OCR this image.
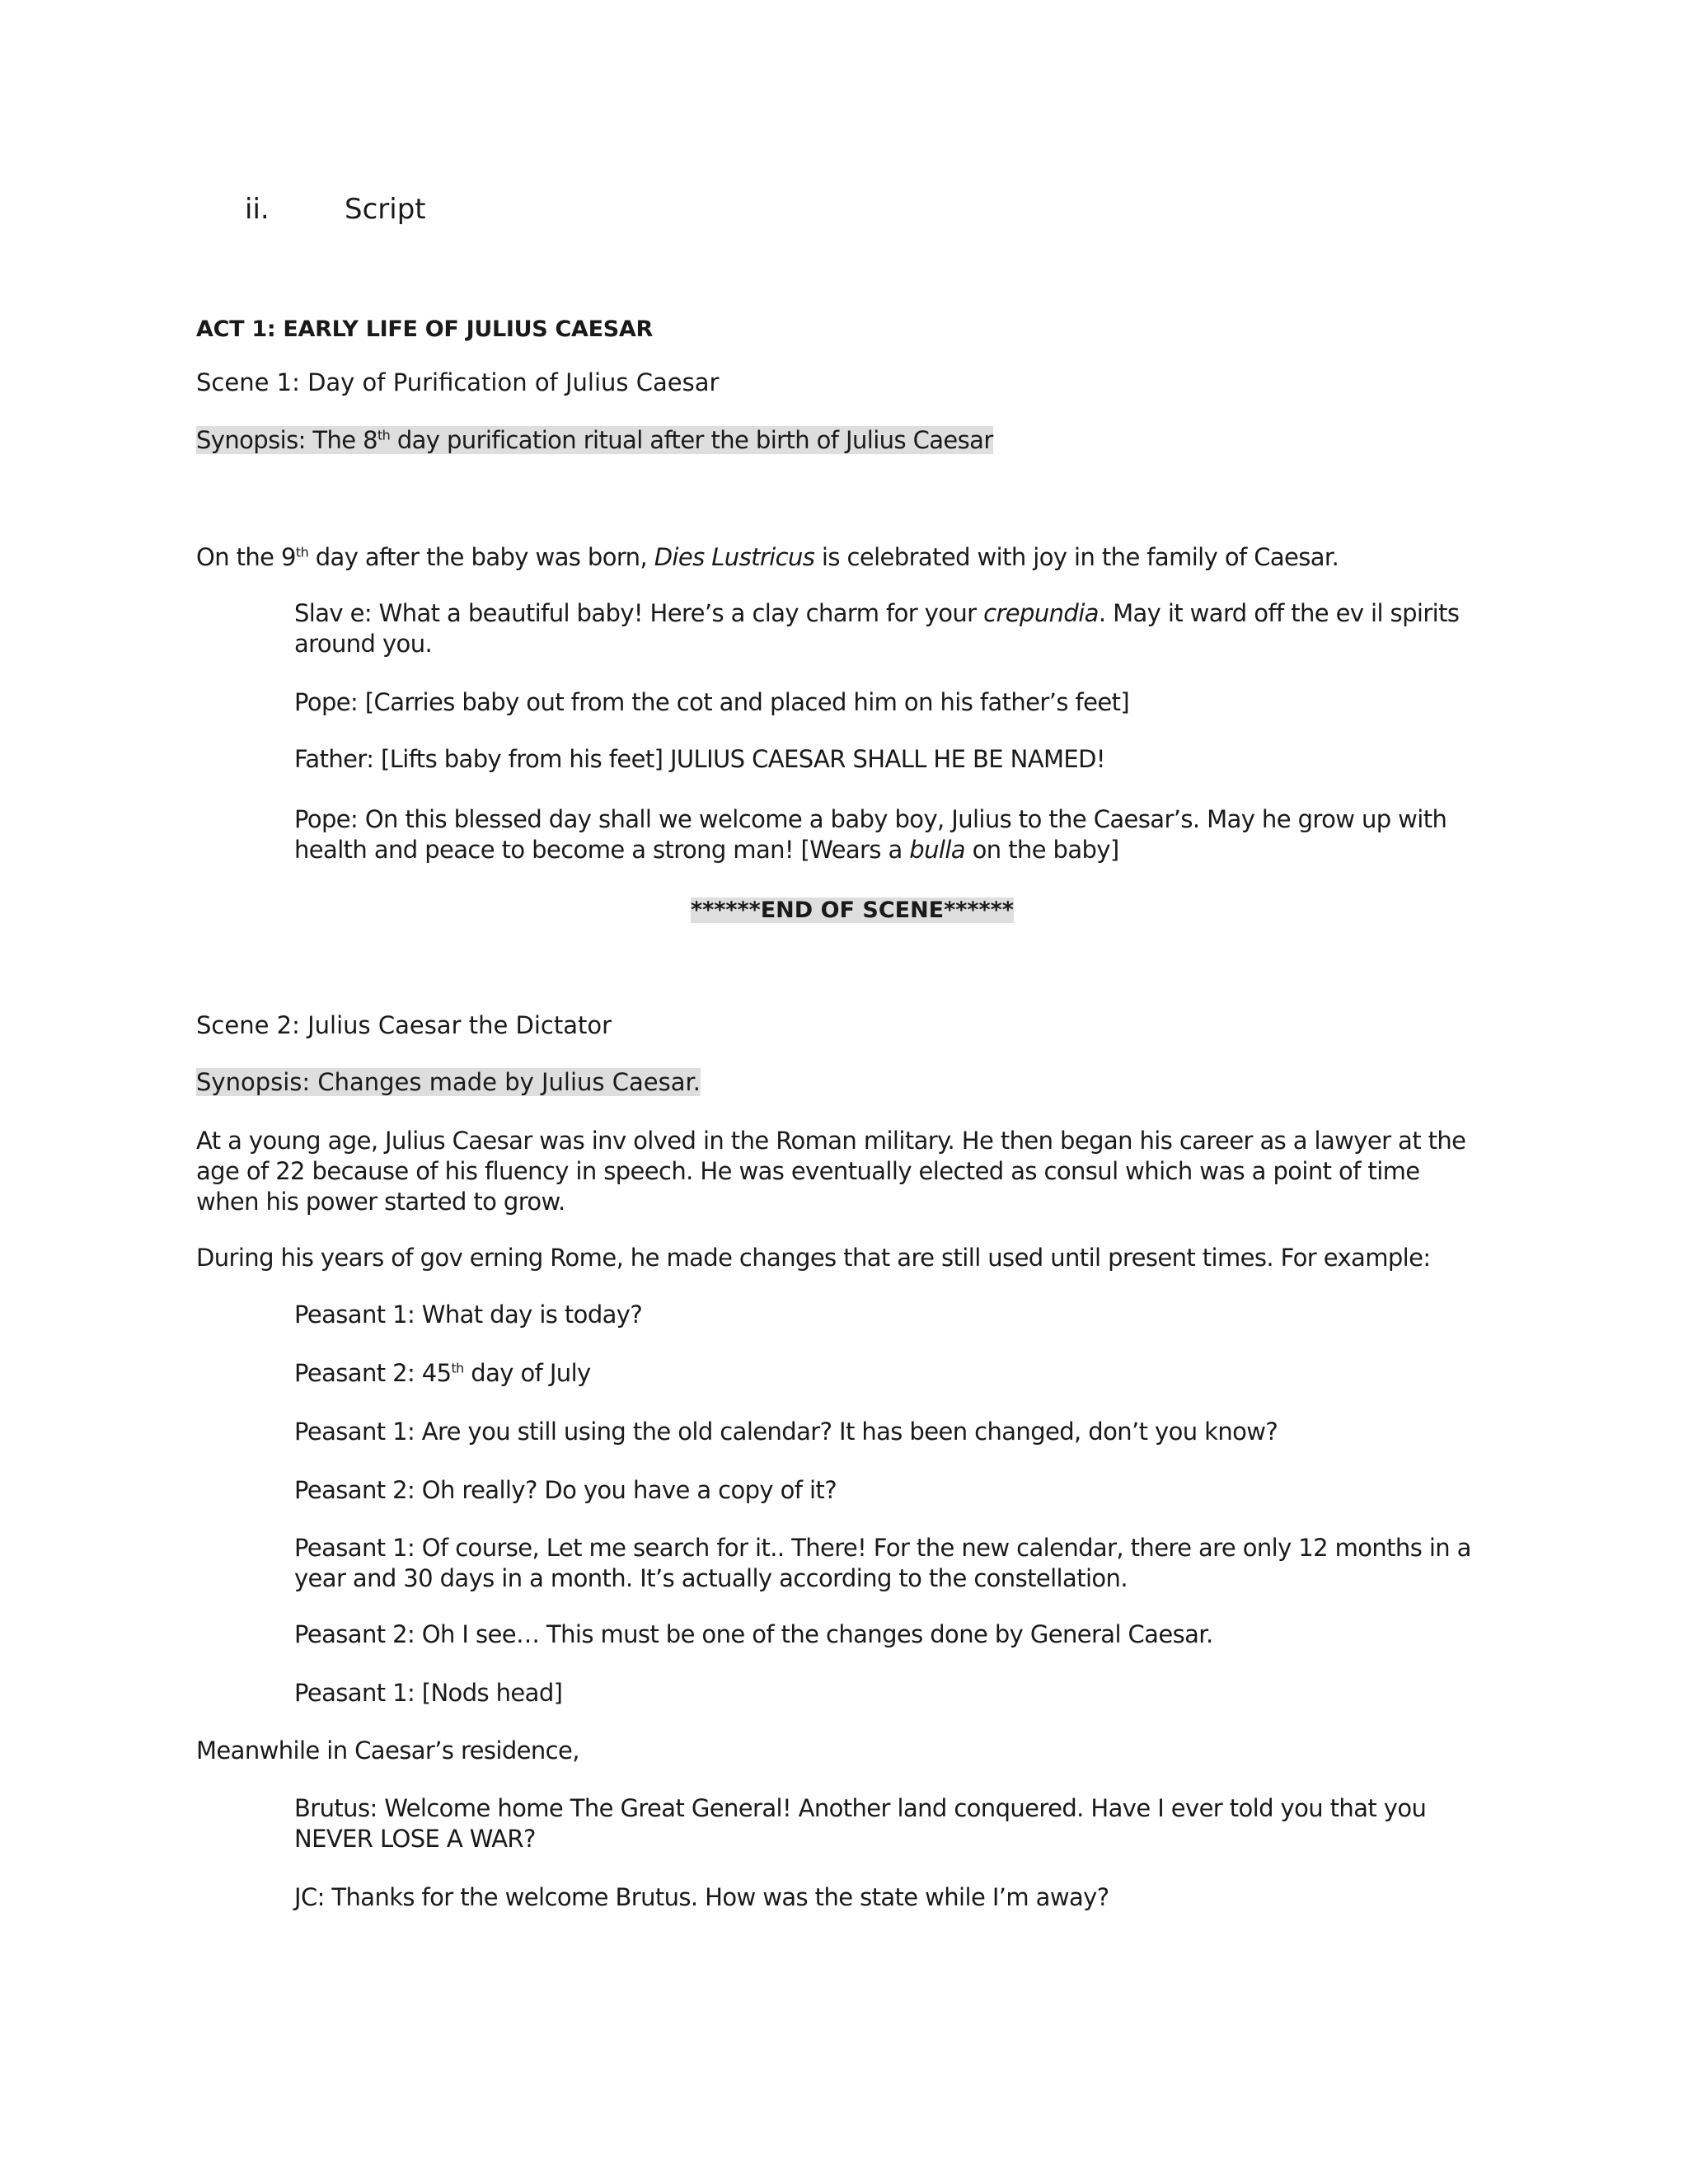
ii.	Script

ACT 1: EARLY LIFE OF JULIUS CAESAR

Scene 1: Day of Purification of Julius Caesar

Synopsis: The 8th day purification ritual after the birth of Julius Caesar

On the 9th day after the baby was born, Dies Lustricus is celebrated with joy in the family of Caesar.

Slav e: What a beautiful baby! Here’s a clay charm for your crepundia. May it ward off the ev il spirits around you.

Pope: [Carries baby out from the cot and placed him on his father’s feet]

Father: [Lifts baby from his feet] JULIUS CAESAR SHALL HE BE NAMED!

Pope: On this blessed day shall we welcome a baby boy, Julius to the Caesar’s. May he grow up with health and peace to become a strong man! [Wears a bulla on the baby]

******END OF SCENE******

Scene 2: Julius Caesar the Dictator

Synopsis: Changes made by Julius Caesar.

At a young age, Julius Caesar was inv olved in the Roman military. He then began his career as a lawyer at the age of 22 because of his fluency in speech. He was eventually elected as consul which was a point of time when his power started to grow.

During his years of gov erning Rome, he made changes that are still used until present times. For example:

Peasant 1: What day is today?

Peasant 2: 45th day of July

Peasant 1: Are you still using the old calendar? It has been changed, don’t you know?

Peasant 2: Oh really? Do you have a copy of it?

Peasant 1: Of course, Let me search for it.. There! For the new calendar, there are only 12 months in a year and 30 days in a month. It’s actually according to the constellation.

Peasant 2: Oh I see… This must be one of the changes done by General Caesar.

Peasant 1: [Nods head]

Meanwhile in Caesar’s residence,

Brutus: Welcome home The Great General! Another land conquered. Have I ever told you that you NEVER LOSE A WAR?

JC: Thanks for the welcome Brutus. How was the state while I’m away?
